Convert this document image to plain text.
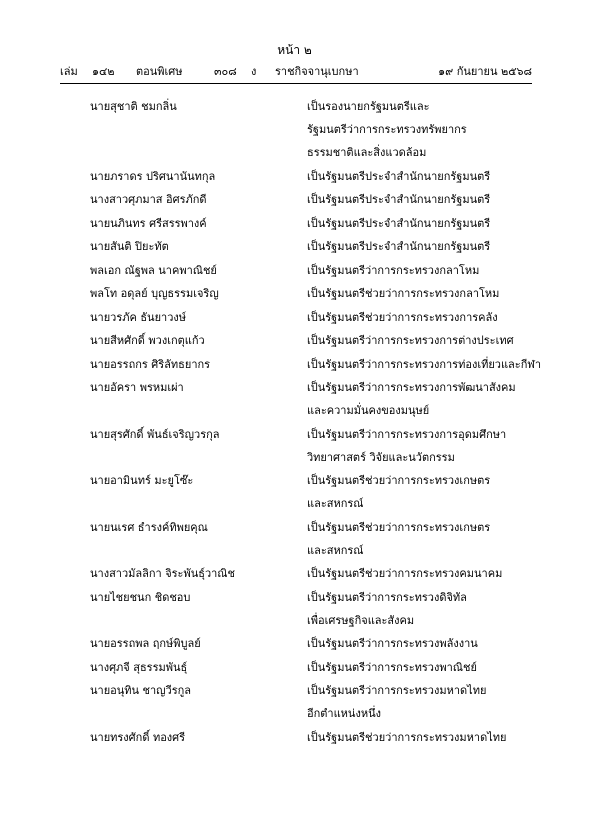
หน้า ๒
เล่ม ๑๔๒ ตอนพิเศษ	๓๐๘ ง ราชกิจจานุเบกษา	๑๙ กันยายน ๒๕๖๘
นายสุชาติ ชมกลิ่น	เป็นรองนายกรัฐมนตรีและ
รัฐมนตรีว่าการกระทรวงทรัพยากร
ธรรมชาติและสิ่งแวดล้อม
นายภราดร ปริศนานันทกุล	เป็นรัฐมนตรีประจำสำนักนายกรัฐมนตรี
นางสาวศุภมาส อิศรภักดี	เป็นรัฐมนตรีประจำสำนักนายกรัฐมนตรี
นายนภินทร ศรีสรรพางค์	เป็นรัฐมนตรีประจำสำนักนายกรัฐมนตรี
นายสันติ ปิยะทัต	เป็นรัฐมนตรีประจำสำนักนายกรัฐมนตรี
พลเอก ณัฐพล นาคพาณิชย์	เป็นรัฐมนตรีว่าการกระทรวงกลาโหม
พลโท อดุลย์ บุญธรรมเจริญ	เป็นรัฐมนตรีช่วยว่าการกระทรวงกลาโหม
นายวรภัค ธันยาวงษ์	เป็นรัฐมนตรีช่วยว่าการกระทรวงการคลัง
นายสีหศักดิ์ พวงเกตุแก้ว	เป็นรัฐมนตรีว่าการกระทรวงการต่างประเทศ
นายอรรถกร ศิริลัทธยากร	เป็นรัฐมนตรีว่าการกระทรวงการท่องเที่ยวและกีฬา
นายอัครา พรหมเผ่า	เป็นรัฐมนตรีว่าการกระทรวงการพัฒนาสังคม
และความมั่นคงของมนุษย์
นายสุรศักดิ์ พันธ์เจริญวรกุล	เป็นรัฐมนตรีว่าการกระทรวงการอุดมศึกษา
วิทยาศาสตร์ วิจัยและนวัตกรรม
นายอามินทร์ มะยูโซ๊ะ	เป็นรัฐมนตรีช่วยว่าการกระทรวงเกษตร
และสหกรณ์
นายนเรศ ธำรงค์ทิพยคุณ	เป็นรัฐมนตรีช่วยว่าการกระทรวงเกษตร
และสหกรณ์
นางสาวมัลลิกา จิระพันธุ์วาณิช	เป็นรัฐมนตรีช่วยว่าการกระทรวงคมนาคม
นายไชยชนก ชิดชอบ	เป็นรัฐมนตรีว่าการกระทรวงดิจิทัล
เพื่อเศรษฐกิจและสังคม
นายอรรถพล ฤกษ์พิบูลย์	เป็นรัฐมนตรีว่าการกระทรวงพลังงาน
นางศุภจี สุธรรมพันธุ์	เป็นรัฐมนตรีว่าการกระทรวงพาณิชย์
นายอนุทิน ชาญวีรกูล	เป็นรัฐมนตรีว่าการกระทรวงมหาดไทย
อีกตำแหน่งหนึ่ง
นายทรงศักดิ์ ทองศรี	เป็นรัฐมนตรีช่วยว่าการกระทรวงมหาดไทย
